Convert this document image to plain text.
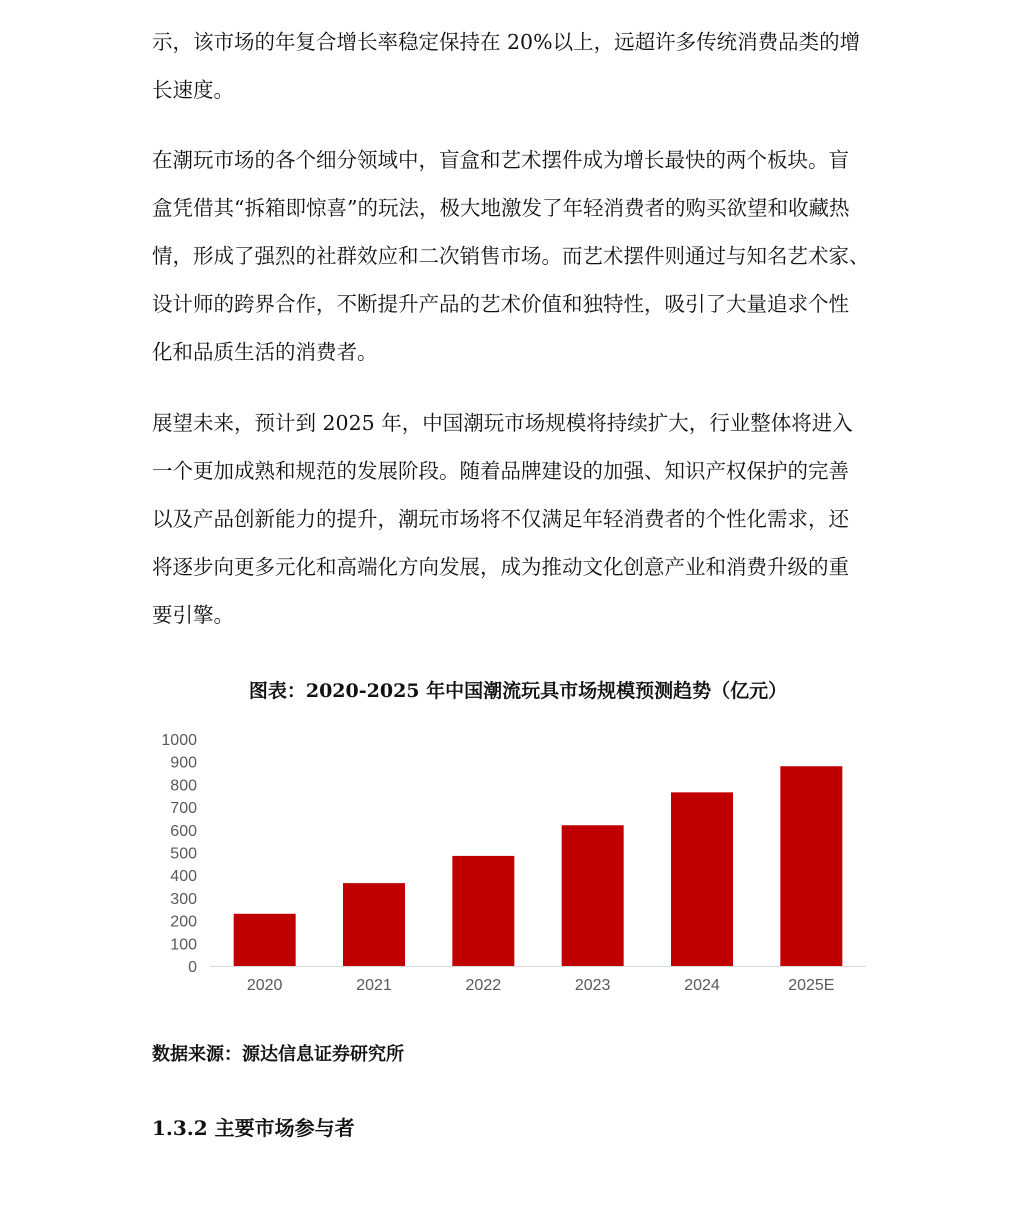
示，该市场的年复合增长率稳定保持在 20%以上，远超许多传统消费品类的增
长速度。
在潮玩市场的各个细分领域中，盲盒和艺术摆件成为增长最快的两个板块。盲
盒凭借其“拆箱即惊喜”的玩法，极大地激发了年轻消费者的购买欲望和收藏热
情，形成了强烈的社群效应和二次销售市场。而艺术摆件则通过与知名艺术家、
设计师的跨界合作，不断提升产品的艺术价值和独特性，吸引了大量追求个性
化和品质生活的消费者。
展望未来，预计到 2025 年，中国潮玩市场规模将持续扩大，行业整体将进入
一个更加成熟和规范的发展阶段。随着品牌建设的加强、知识产权保护的完善
以及产品创新能力的提升，潮玩市场将不仅满足年轻消费者的个性化需求，还
将逐步向更多元化和高端化方向发展，成为推动文化创意产业和消费升级的重
要引擎。
图表：2020-2025 年中国潮流玩具市场规模预测趋势（亿元）
0
100
200
300
400
500
600
700
800
900
1000
2020	2021	2022	2023	2024	2025E
数据来源：源达信息证券研究所
1.3.2 主要市场参与者
